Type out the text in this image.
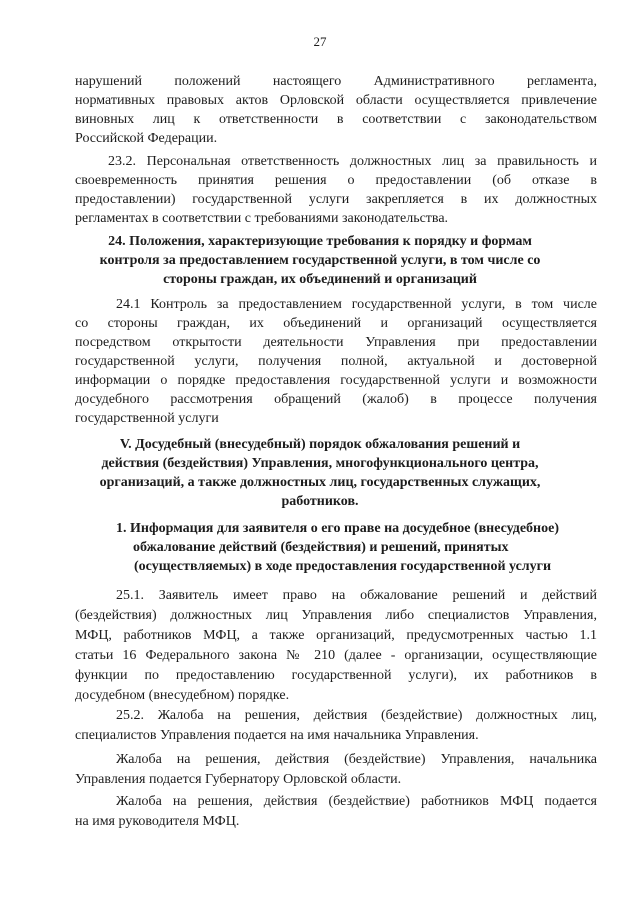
27
нарушений положений настоящего Административного регламента,
нормативных правовых актов Орловской области осуществляется привлечение
виновных лиц к ответственности в соответствии с законодательством
Российской Федерации.
23.2. Персональная ответственность должностных лиц за правильность и
своевременность принятия решения о предоставлении (об отказе в
предоставлении) государственной услуги закрепляется в их должностных
регламентах в соответствии с требованиями законодательства.
24. Положения, характеризующие требования к порядку и формам
контроля за предоставлением государственной услуги, в том числе со
стороны граждан, их объединений и организаций
24.1 Контроль за предоставлением государственной услуги, в том числе
со стороны граждан, их объединений и организаций осуществляется
посредством открытости деятельности Управления при предоставлении
государственной услуги, получения полной, актуальной и достоверной
информации о порядке предоставления государственной услуги и возможности
досудебного рассмотрения обращений (жалоб) в процессе получения
государственной услуги
V. Досудебный (внесудебный) порядок обжалования решений и
действия (бездействия) Управления, многофункционального центра,
организаций, а также должностных лиц, государственных служащих,
работников.
1. Информация для заявителя о его праве на досудебное (внесудебное)
обжалование действий (бездействия) и решений, принятых
(осуществляемых) в ходе предоставления государственной услуги
25.1. Заявитель имеет право на обжалование решений и действий
(бездействия) должностных лиц Управления либо специалистов Управления,
МФЦ, работников МФЦ, а также организаций, предусмотренных частью 1.1
статьи 16 Федерального закона № 210 (далее - организации, осуществляющие
функции по предоставлению государственной услуги), их работников в
досудебном (внесудебном) порядке.
25.2. Жалоба на решения, действия (бездействие) должностных лиц,
специалистов Управления подается на имя начальника Управления.
Жалоба на решения, действия (бездействие) Управления, начальника
Управления подается Губернатору Орловской области.
Жалоба на решения, действия (бездействие) работников МФЦ подается
на имя руководителя МФЦ.
